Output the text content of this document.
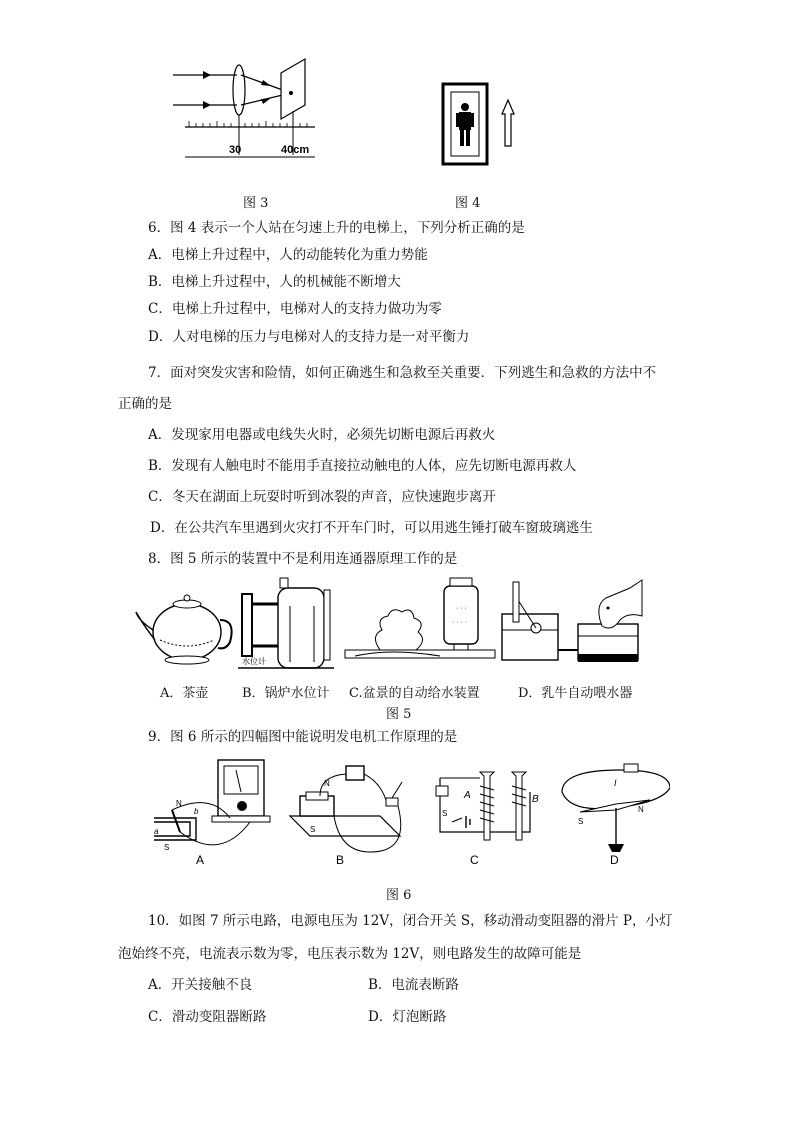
30	40cm
图 3	图 4
6．图 4 表示一个人站在匀速上升的电梯上，下列分析正确的是
A．电梯上升过程中，人的动能转化为重力势能
B．电梯上升过程中，人的机械能不断增大
C．电梯上升过程中，电梯对人的支持力做功为零
D．人对电梯的压力与电梯对人的支持力是一对平衡力
7．面对突发灾害和险情，如何正确逃生和急救至关重要．下列逃生和急救的方法中不
正确的是
A．发现家用电器或电线失火时，必须先切断电源后再救火
B．发现有人触电时不能用手直接拉动触电的人体，应先切断电源再救人
C．冬天在湖面上玩耍时听到冰裂的声音，应快速跑步离开
D．在公共汽车里遇到火灾打不开车门时，可以用逃生锤打破车窗玻璃逃生
8．图 5 所示的装置中不是利用连通器原理工作的是
水位计
· · ·
· · · ·
A．茶壶	B．锅炉水位计 C.盆景的自动给水装置	D．乳牛自动喂水器
图 5
9．图 6 所示的四幅图中能说明发电机工作原理的是
N
S
a
b
N
S
A	B
S
I
S
N
A	B	C	D
图 6
10．如图 7 所示电路，电源电压为 12V，闭合开关 S，移动滑动变阻器的滑片 P，小灯
泡始终不亮，电流表示数为零，电压表示数为 12V，则电路发生的故障可能是
A．开关接触不良	B．电流表断路
C．滑动变阻器断路	D．灯泡断路
